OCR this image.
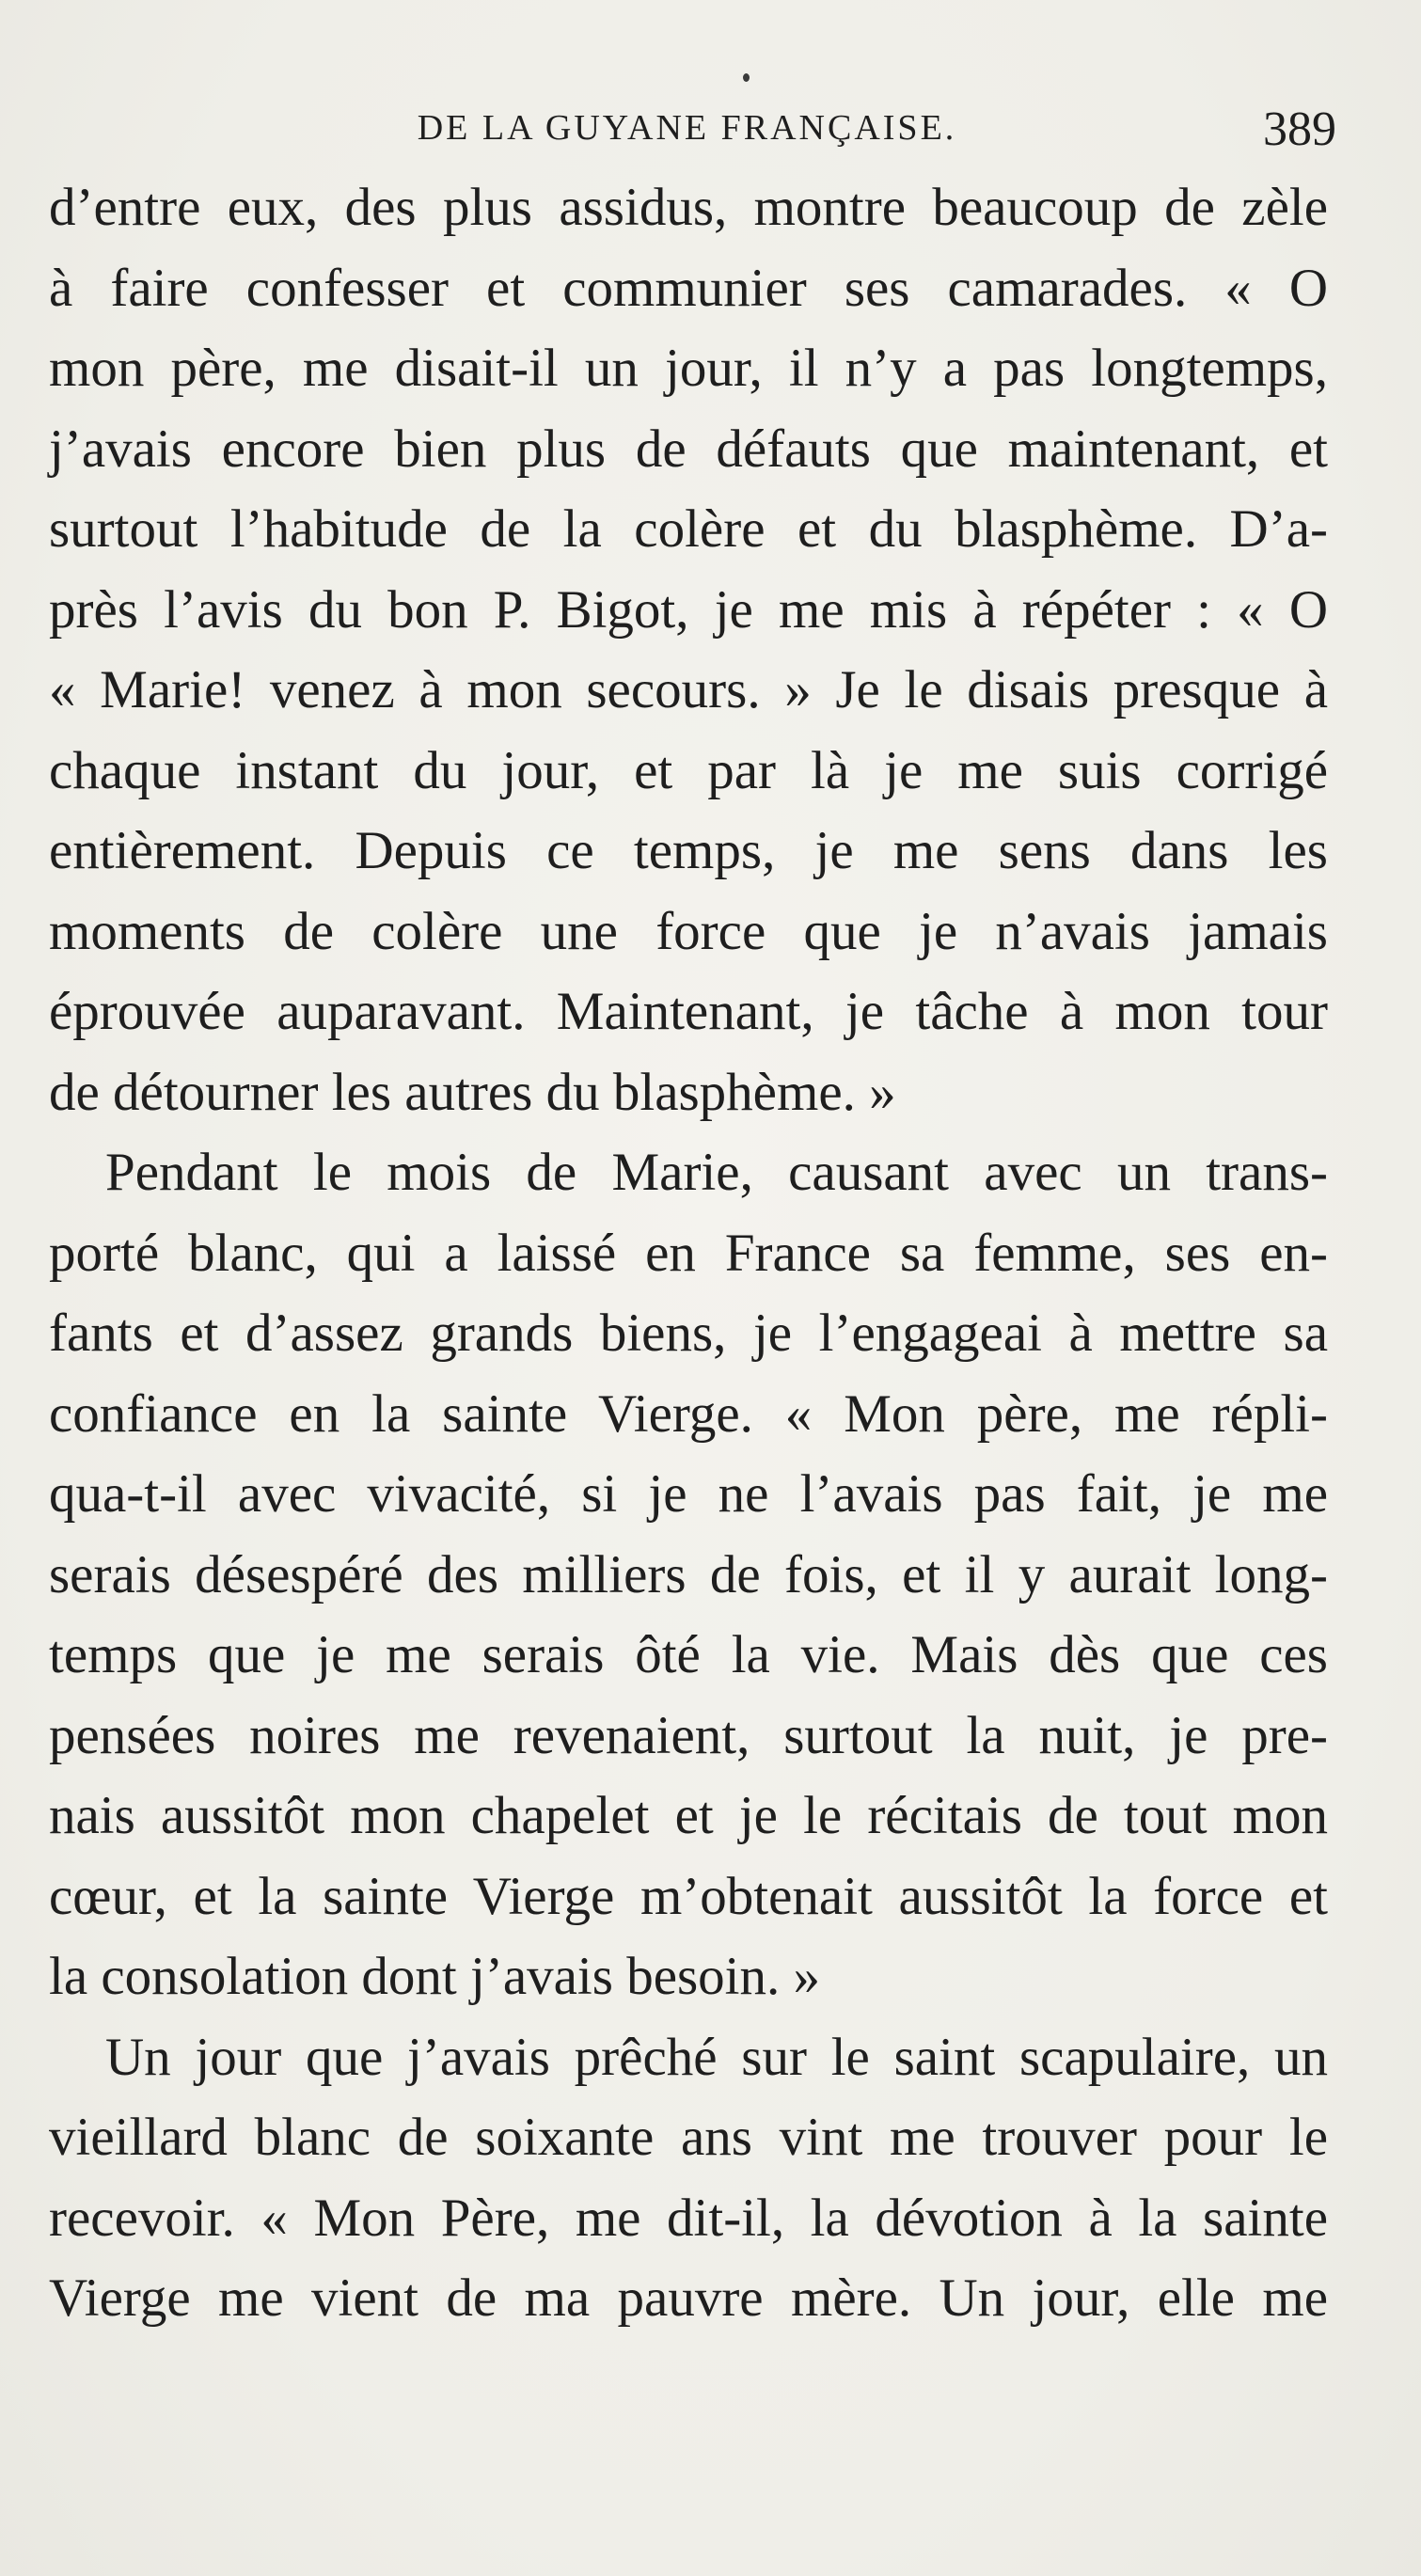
DE LA GUYANE FRANÇAISE.	389
d’entre eux, des plus assidus, montre beaucoup de zèle
à faire confesser et communier ses camarades. « O
mon père, me disait-il un jour, il n’y a pas longtemps,
j’avais encore bien plus de défauts que maintenant, et
surtout l’habitude de la colère et du blasphème. D’a-
près l’avis du bon P. Bigot, je me mis à répéter : « O
« Marie! venez à mon secours. » Je le disais presque à
chaque instant du jour, et par là je me suis corrigé
entièrement. Depuis ce temps, je me sens dans les
moments de colère une force que je n’avais jamais
éprouvée auparavant. Maintenant, je tâche à mon tour
de détourner les autres du blasphème. »
Pendant le mois de Marie, causant avec un trans-
porté blanc, qui a laissé en France sa femme, ses en-
fants et d’assez grands biens, je l’engageai à mettre sa
confiance en la sainte Vierge. « Mon père, me répli-
qua-t-il avec vivacité, si je ne l’avais pas fait, je me
serais désespéré des milliers de fois, et il y aurait long-
temps que je me serais ôté la vie. Mais dès que ces
pensées noires me revenaient, surtout la nuit, je pre-
nais aussitôt mon chapelet et je le récitais de tout mon
cœur, et la sainte Vierge m’obtenait aussitôt la force et
la consolation dont j’avais besoin. »
Un jour que j’avais prêché sur le saint scapulaire, un
vieillard blanc de soixante ans vint me trouver pour le
recevoir. « Mon Père, me dit-il, la dévotion à la sainte
Vierge me vient de ma pauvre mère. Un jour, elle me
